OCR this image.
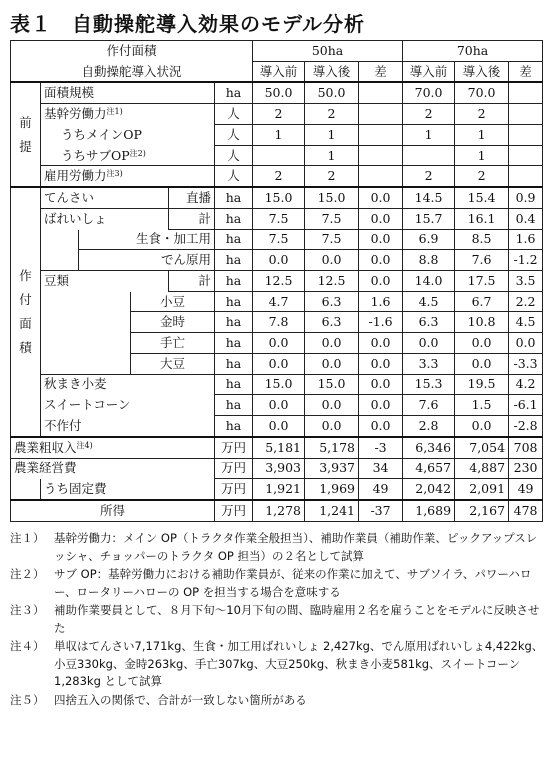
表１ 自動操舵導入効果のモデル分析
作付面積						50ha			70ha		
自動操舵導入状況						導入前	導入後	差	導入前	導入後	差

前
提	面積規模				ha	50.0	50.0		70.0	70.0	
	基幹労働力$^{注1)}$				人	2	2		2	2	
	うちメインOP				人	1	1		1	1	
	うちサブOP$^{注2)}$				人		1			1	
	雇用労働力$^{注3)}$				人	2	2		2	2	

作
付
面
積	てんさい			直播	ha	15.0	15.0	0.0	14.5	15.4	0.9
	ばれいしょ			計	ha	7.5	7.5	0.0	15.7	16.1	0.4
		生食・加工用			ha	7.5	7.5	0.0	6.9	8.5	1.6
		でん原用			ha	0.0	0.0	0.0	8.8	7.6	-1.2
	豆類			計	ha	12.5	12.5	0.0	14.0	17.5	3.5
			小豆		ha	4.7	6.3	1.6	4.5	6.7	2.2
			金時		ha	7.8	6.3	-1.6	6.3	10.8	4.5
			手亡		ha	0.0	0.0	0.0	0.0	0.0	0.0
			大豆		ha	0.0	0.0	0.0	3.3	0.0	-3.3
	秋まき小麦				ha	15.0	15.0	0.0	15.3	19.5	4.2
	スイートコーン				ha	0.0	0.0	0.0	7.6	1.5	-6.1
	不作付				ha	0.0	0.0	0.0	2.8	0.0	-2.8
農業粗収入$^{注4)}$					万円	5,181	5,178	-3	6,346	7,054	708
農業経営費					万円	3,903	3,937	34	4,657	4,887	230
	うち固定費				万円	1,921	1,969	49	2,042	2,091	49
所得					万円	1,278	1,241	-37	1,689	2,167	478
注１） 基幹労働力：メイン OP（トラクタ作業全般担当）、補助作業員（補助作業、ピックアップスレッシャ、チョッパーのトラクタ OP 担当）の２名として試算
注２） サブ OP：基幹労働力における補助作業員が、従来の作業に加えて、サブソイラ、パワーハロー、ロータリーハローの OP を担当する場合を意味する
注３） 補助作業要員として、８月下旬～10月下旬の間、臨時雇用２名を雇うことをモデルに反映させた
注４） 単収はてんさい7,171kg、生食・加工用ばれいしょ 2,427kg、でん原用ばれいしょ4,422kg、小豆330kg、金時263kg、手亡307kg、大豆250kg、秋まき小麦581kg、スイートコーン1,283kg として試算
注５） 四捨五入の関係で、合計が一致しない箇所がある
